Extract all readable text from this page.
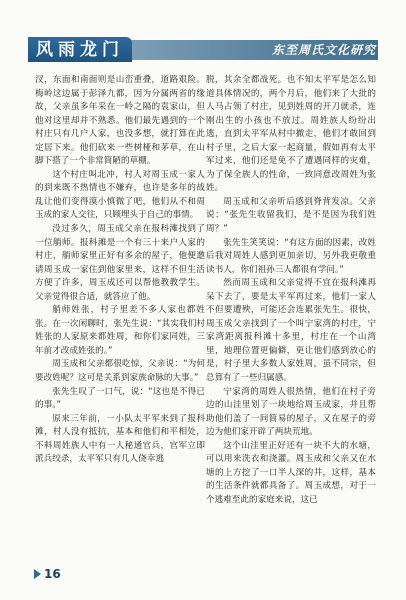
风雨龙门	东至周氏文化研究

汊，东面和南面则是山峦重叠，道路艰险。梅岭这边属于彭泽九都，因为分属两省的缘故，父亲虽多年采在一岭之隔的袁家山，但他对这里却并不熟悉。他们最先遇到的一个村庄只有几户人家，也没多想，就打算在此定居下来。他们砍来一些树桠和茅草，在山脚下搭了一个非常简陋的草棚。

这个村庄叫北冲，村人对周玉成一家人的到来既不热情也不嫌弃，也许是多年的战乱让他们变得漠小慎微了吧，他们从不和周玉成的家人交往，只顾埋头于自己的事情。

没过多久，周玉成父亲在报科滩找到了一位艄师。报科滩是一个有三十来户人家的村庄，艄师家里正好有多余的屋子，他便邀请周玉成一家住到他家里来，这样不但生活方便了许多，周玉成还可以帮他教教学生。父亲觉得很合适，就答应了他。

艄师姓张，村子里差不多人家也都姓张。在一次闲聊时，张先生说：“其实我们村姓张的人家原来都姓周，和你们家同姓，三年前才改成姓张的。”

周玉成和父亲都很吃惊，父亲说：“为何要改姓呢？这可是关系到家族命脉的大事。”

张先生叹了一口气，说：“这也是不得已的事。”

原来三年前，一小队太平军来到了报科滩，村人没有抵抗，基本和他们和平相处，不料周姓族人中有一人秘通官兵，官军立即派兵绞杀，太平军只有几人侥幸逃

脱，其余全都战死。也不知太平军是怎么知道具体情况的，两个月后，他们来了大批的人马占领了村庄，见到姓周的开刀就杀，连刚出生的小孩也不放过。周姓族人纷纷出逃，直到太平军从村中撤走，他们才敢回到村子里，之后大家一起商量，假如再有太平军过来，他们还是免不了遭遇同样的灾难，为了保全族人的性命，一致同意改周姓为张姓。

周玉成和父亲听后感到脊背发凉。父亲说：“张先生收留我们，是不是因为我们姓周？”

张先生笑笑说：“有这方面的因素，改姓后我对周姓人感到更加亲切，另外我更敬重读书人，你们祖孙三人都很有学问。”

然而周玉成和父亲觉得不宜在报科滩再呆下去了，要是太平军再过来，他们一家人不但要遭殃，可能还会连累张先生。很快，周玉成父亲找到了一个叫宁家湾的村庄，宁家湾距离报科滩十多里，村庄在一个山湾里，地理位置更偏僻，更让他们感到放心的是，村子里大多数人家姓周，虽不同宗，但总算有了一些归属感。

宁家湾的周姓人很热情，他们在村子旁边的山洼里划了一块地给周玉成家，并且帮助他们盖了一间简易的屋子，又在屋子的旁边为他们家开辟了两块荒地。

这个山洼里正好还有一块不大的水塘，可以用来洗衣和浇灌。周玉成和父亲又在水塘的上方挖了一口半人深的井，这样，基本的生活条件就都具备了。周玉成想，对于一个逃难至此的家庭来说，这已

16
